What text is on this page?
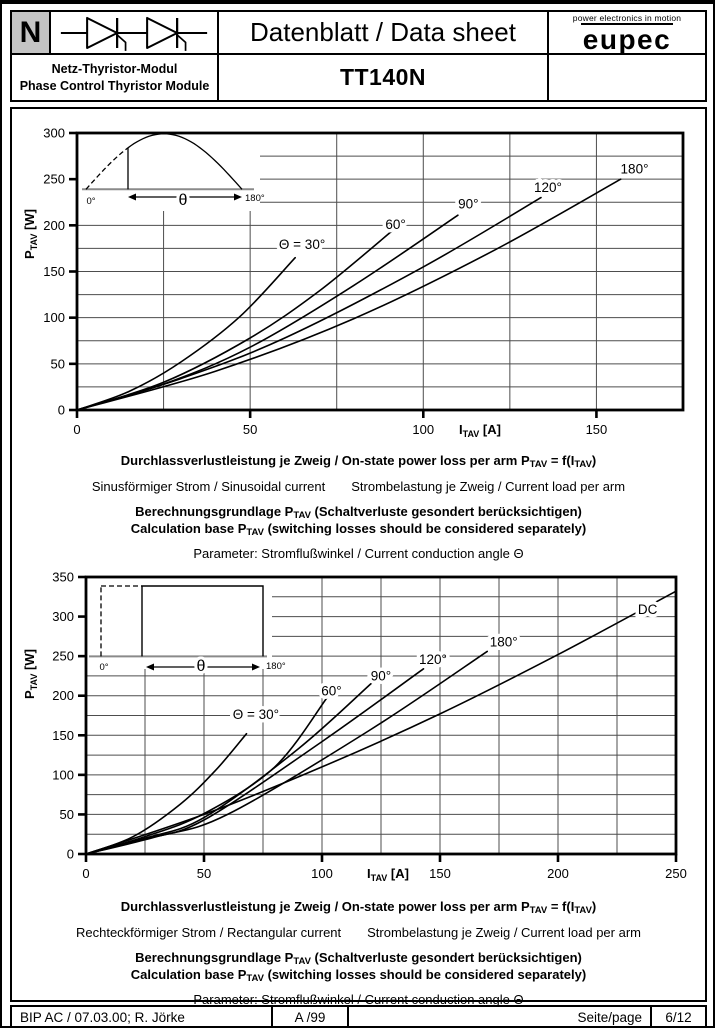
N	Datenblatt / Data sheet	power electronics in motion
eupec
Netz-Thyristor-Modul
Phase Control Thyristor Module	TT140N
0°	180°
θ
0	50	100	150
0
50
100
150
200
250
300
$I_{TAV}$ [A]
$P_{TAV}$ [W]
Θ = 30°
60°
90°
120°
180°
Durchlassverlustleistung je Zweig / On-state power loss per arm $P_{TAV} = f(I_{TAV})$
Sinusförmiger Strom / Sinusoidal current Strombelastung je Zweig / Current load per arm
Berechnungsgrundlage $P_{TAV}$ (Schaltverluste gesondert berücksichtigen)
Calculation base $P_{TAV}$ (switching losses should be considered separately)
Parameter: Stromflußwinkel / Current conduction angle Θ
0°	180°
θ
0	50	100	150	200	250
0
50
100
150
200
250
300
350
$I_{TAV}$ [A]
$P_{TAV}$ [W]
Θ = 30°
60°
90°
120°
180°
DC
Durchlassverlustleistung je Zweig / On-state power loss per arm $P_{TAV} = f(I_{TAV})$
Rechteckförmiger Strom / Rectangular current Strombelastung je Zweig / Current load per arm
Berechnungsgrundlage $P_{TAV}$ (Schaltverluste gesondert berücksichtigen)
Calculation base $P_{TAV}$ (switching losses should be considered separately)
Parameter: Stromflußwinkel / Current conduction angle Θ
BIP AC / 07.03.00; R. Jörke	A /99	Seite/page	6/12
